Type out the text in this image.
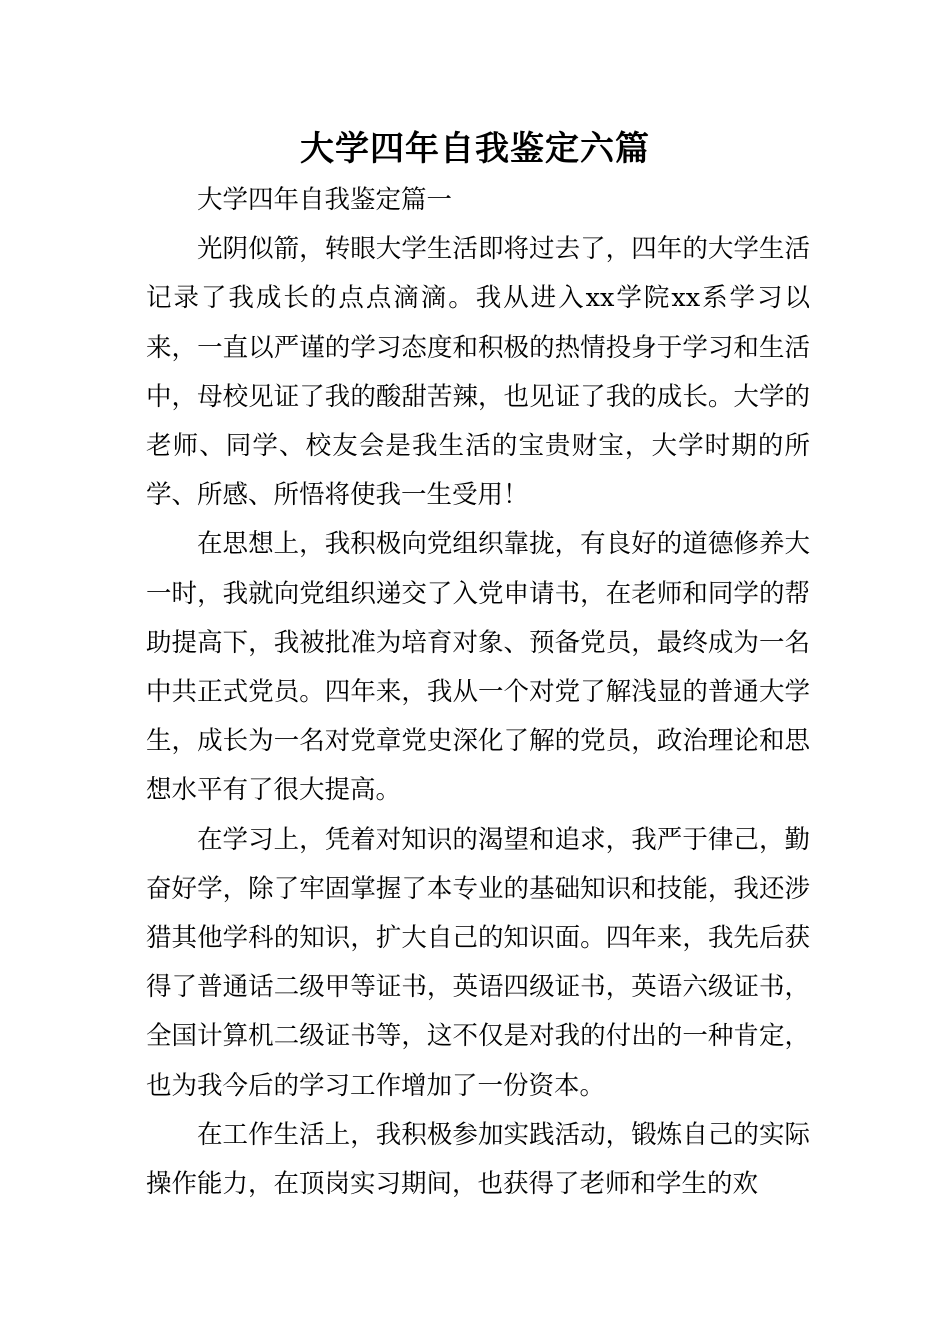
大学四年自我鉴定六篇

大学四年自我鉴定篇一

光阴似箭，转眼大学生活即将过去了，四年的大学生活记录了我成长的点点滴滴。我从进入xx学院xx系学习以来，一直以严谨的学习态度和积极的热情投身于学习和生活中，母校见证了我的酸甜苦辣，也见证了我的成长。大学的老师、同学、校友会是我生活的宝贵财宝，大学时期的所学、所感、所悟将使我一生受用！

在思想上，我积极向党组织靠拢，有良好的道德修养大一时，我就向党组织递交了入党申请书，在老师和同学的帮助提高下，我被批准为培育对象、预备党员，最终成为一名中共正式党员。四年来，我从一个对党了解浅显的普通大学生，成长为一名对党章党史深化了解的党员，政治理论和思想水平有了很大提高。

在学习上，凭着对知识的渴望和追求，我严于律己，勤奋好学，除了牢固掌握了本专业的基础知识和技能，我还涉猎其他学科的知识，扩大自己的知识面。四年来，我先后获得了普通话二级甲等证书，英语四级证书，英语六级证书，全国计算机二级证书等，这不仅是对我的付出的一种肯定，也为我今后的学习工作增加了一份资本。

在工作生活上，我积极参加实践活动，锻炼自己的实际操作能力，在顶岗实习期间，也获得了老师和学生的欢
